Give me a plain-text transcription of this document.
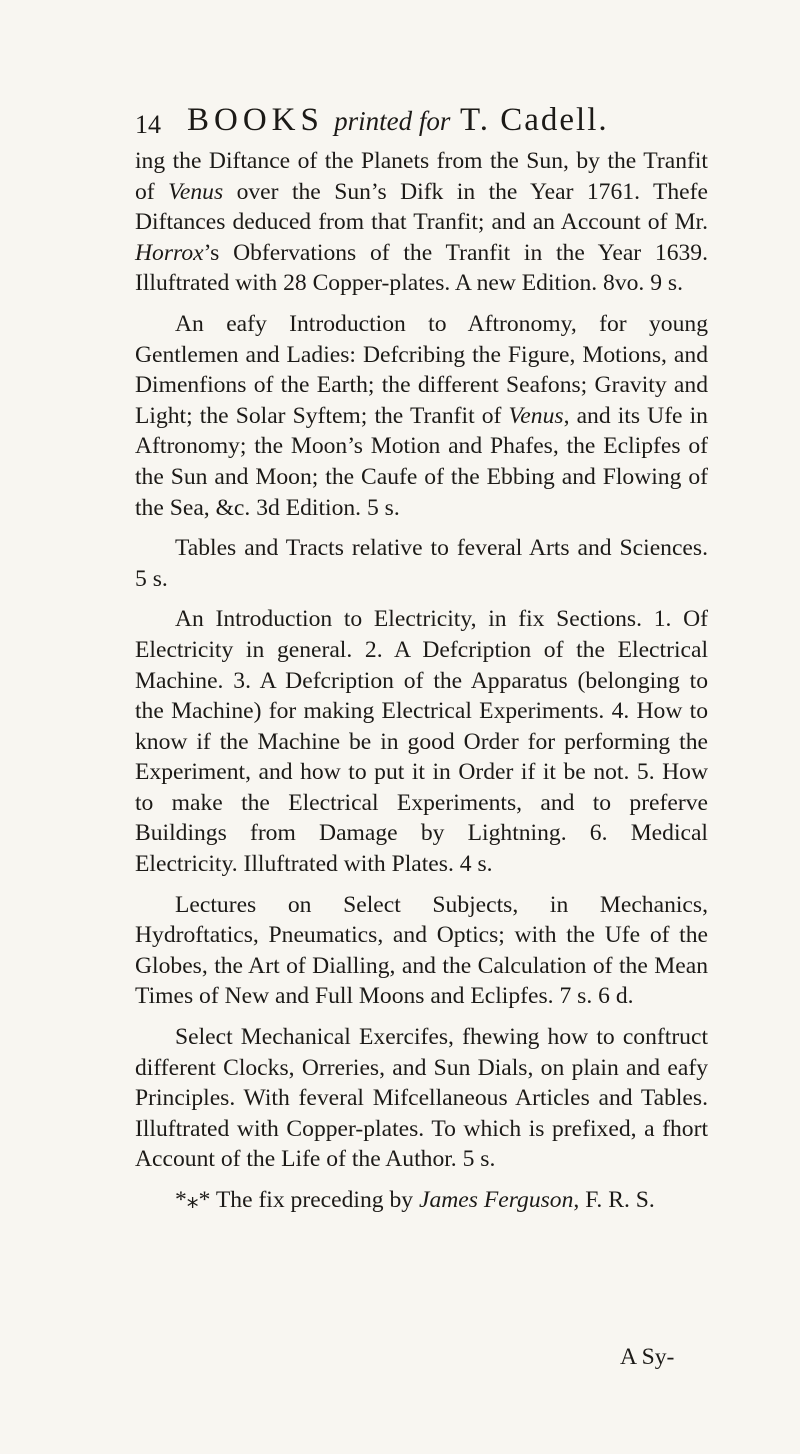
14 BOOKS printed for T. Cadell.

ing the Diftance of the Planets from the Sun, by the Tranfit of Venus over the Sun’s Difk in the Year 1761. Thefe Diftances deduced from that Tranfit; and an Account of Mr. Horrox’s Obfervations of the Tranfit in the Year 1639. Illuftrated with 28 Copper-plates. A new Edition. 8vo. 9 s.

An eafy Introduction to Aftronomy, for young Gentlemen and Ladies: Defcribing the Figure, Motions, and Dimenfions of the Earth; the different Seafons; Gravity and Light; the Solar Syftem; the Tranfit of Venus, and its Ufe in Aftronomy; the Moon’s Motion and Phafes, the Eclipfes of the Sun and Moon; the Caufe of the Ebbing and Flowing of the Sea, &c. 3d Edition. 5 s.

Tables and Tracts relative to feveral Arts and Sciences. 5 s.

An Introduction to Electricity, in fix Sections. 1. Of Electricity in general. 2. A Defcription of the Electrical Machine. 3. A Defcription of the Apparatus (belonging to the Machine) for making Electrical Experiments. 4. How to know if the Machine be in good Order for performing the Experiment, and how to put it in Order if it be not. 5. How to make the Electrical Experiments, and to preferve Buildings from Damage by Lightning. 6. Medical Electricity. Illuftrated with Plates. 4 s.

Lectures on Select Subjects, in Mechanics, Hydroftatics, Pneumatics, and Optics; with the Ufe of the Globes, the Art of Dialling, and the Calculation of the Mean Times of New and Full Moons and Eclipfes. 7 s. 6 d.

Select Mechanical Exercifes, fhewing how to conftruct different Clocks, Orreries, and Sun Dials, on plain and eafy Principles. With feveral Mifcellaneous Articles and Tables. Illuftrated with Copper-plates. To which is prefixed, a fhort Account of the Life of the Author. 5 s.

*⁎* The fix preceding by James Ferguson, F. R. S.

A Sy-
